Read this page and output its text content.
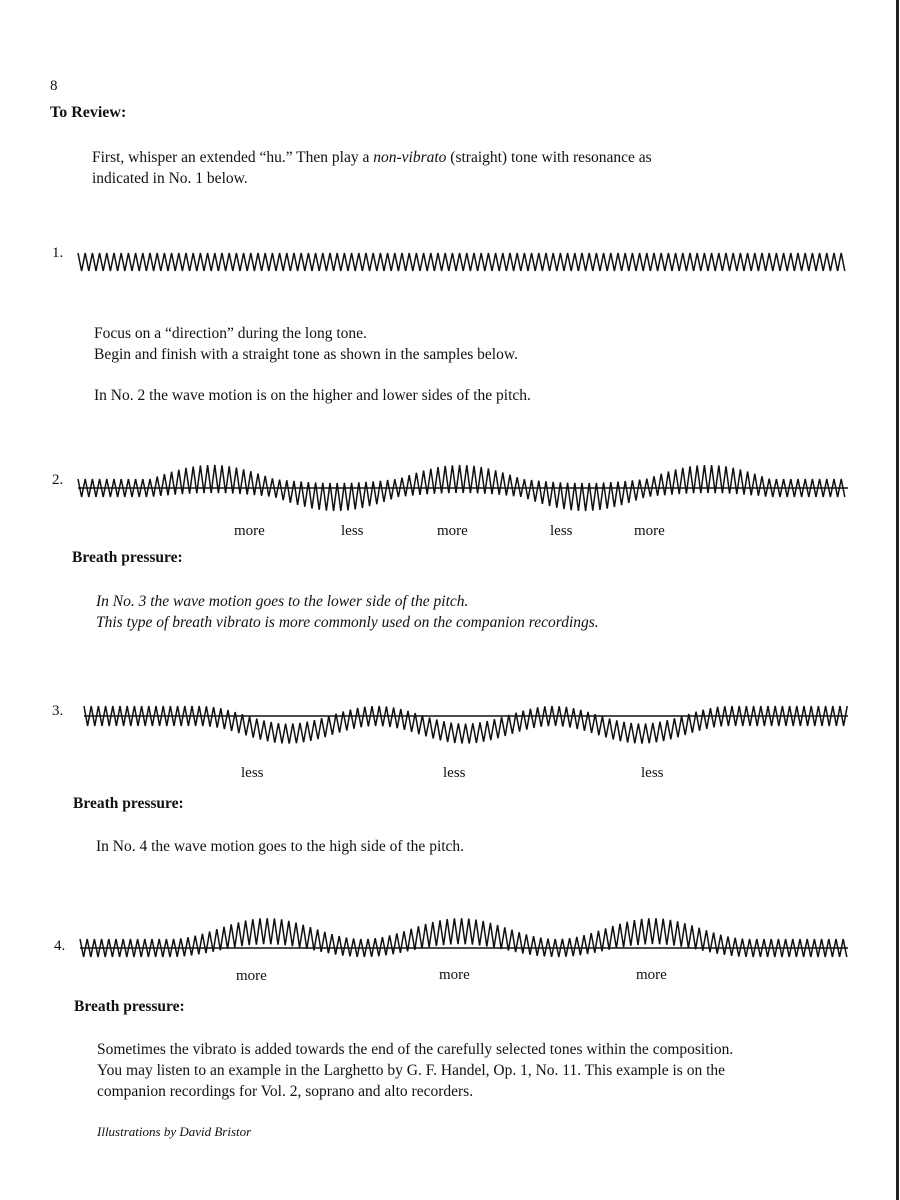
8
To Review:
First, whisper an extended “hu.” Then play a non-vibrato (straight) tone with resonance as
indicated in No. 1 below.
1.
Focus on a “direction” during the long tone.
Begin and finish with a straight tone as shown in the samples below.
In No. 2 the wave motion is on the higher and lower sides of the pitch.
2.
more	less	more	less	more
Breath pressure:
In No. 3 the wave motion goes to the lower side of the pitch.
This type of breath vibrato is more commonly used on the companion recordings.
3.
less	less	less
Breath pressure:
In No. 4 the wave motion goes to the high side of the pitch.
4.
more	more	more
Breath pressure:
Sometimes the vibrato is added towards the end of the carefully selected tones within the composition.
You may listen to an example in the Larghetto by G. F. Handel, Op. 1, No. 11. This example is on the
companion recordings for Vol. 2, soprano and alto recorders.
Illustrations by David Bristor
